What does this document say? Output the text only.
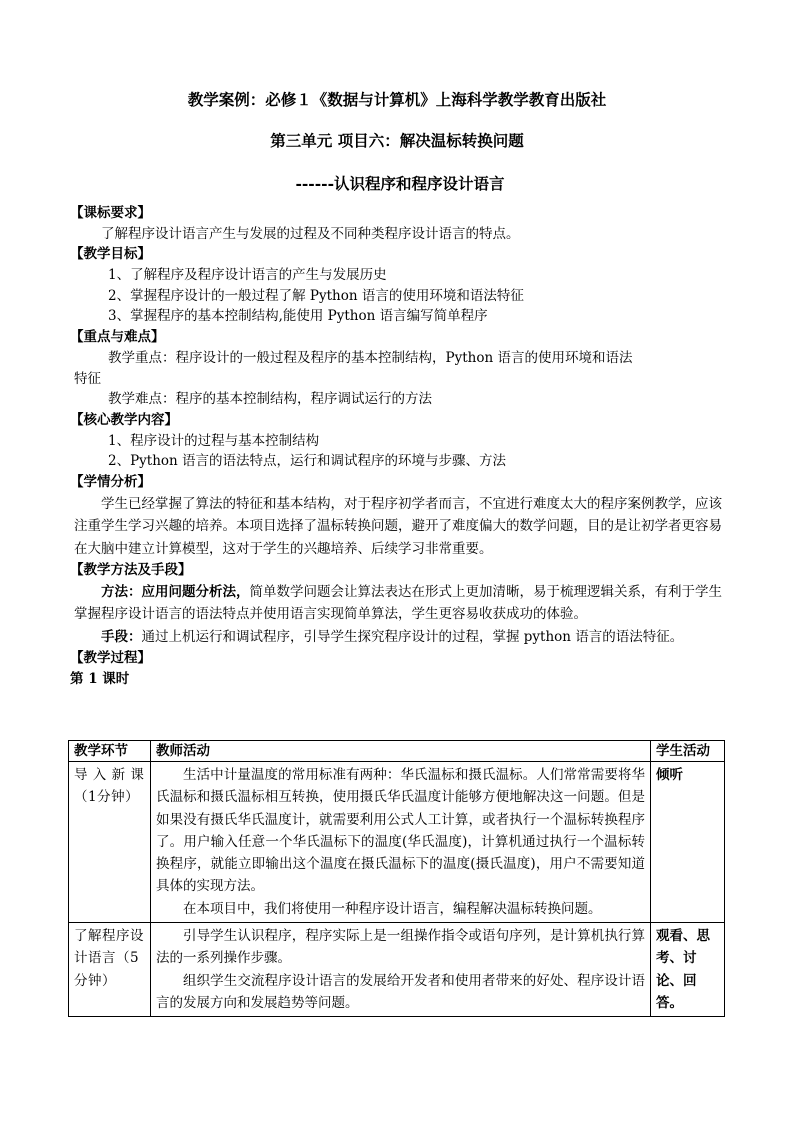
教学案例：必修１《数据与计算机》上海科学教学教育出版社
第三单元 项目六：解决温标转换问题
------认识程序和程序设计语言
【课标要求】
了解程序设计语言产生与发展的过程及不同种类程序设计语言的特点。
【教学目标】
1、了解程序及程序设计语言的产生与发展历史
2、掌握程序设计的一般过程了解 Python 语言的使用环境和语法特征
3、掌握程序的基本控制结构,能使用 Python 语言编写简单程序
【重点与难点】
教学重点：程序设计的一般过程及程序的基本控制结构，Python 语言的使用环境和语法
特征
教学难点：程序的基本控制结构，程序调试运行的方法
【核心教学内容】
1、程序设计的过程与基本控制结构
2、Python 语言的语法特点，运行和调试程序的环境与步骤、方法
【学情分析】

学生已经掌握了算法的特征和基本结构，对于程序初学者而言，不宜进行难度太大的程序案例教学，应该注重学生学习兴趣的培养。本项目选择了温标转换问题，避开了难度偏大的数学问题，目的是让初学者更容易在大脑中建立计算模型，这对于学生的兴趣培养、后续学习非常重要。

【教学方法及手段】

方法：应用问题分析法，简单数学问题会让算法表达在形式上更加清晰，易于梳理逻辑关系，有利于学生掌握程序设计语言的语法特点并使用语言实现简单算法，学生更容易收获成功的体验。

手段：通过上机运行和调试程序，引导学生探究程序设计的过程，掌握 python 语言的语法特征。

【教学过程】
第 1 课时
教学环节	教师活动	学生活动
导 入 新 课（1分钟）	生活中计量温度的常用标准有两种：华氏温标和摄氏温标。人们常常需要将华氏温标和摄氏温标相互转换，使用摄氏华氏温度计能够方便地解决这一问题。但是如果没有摄氏华氏温度计，就需要利用公式人工计算，或者执行一个温标转换程序了。用户输入任意一个华氏温标下的温度(华氏温度)，计算机通过执行一个温标转换程序，就能立即输出这个温度在摄氏温标下的温度(摄氏温度)，用户不需要知道具体的实现方法。

在本项目中，我们将使用一种程序设计语言，编程解决温标转换问题。	倾听
了解程序设计语言（5 分钟）	引导学生认识程序，程序实际上是一组操作指令或语句序列，是计算机执行算法的一系列操作步骤。

组织学生交流程序设计语言的发展给开发者和使用者带来的好处、程序设计语言的发展方向和发展趋势等问题。	观看、思考、讨论、回答。
